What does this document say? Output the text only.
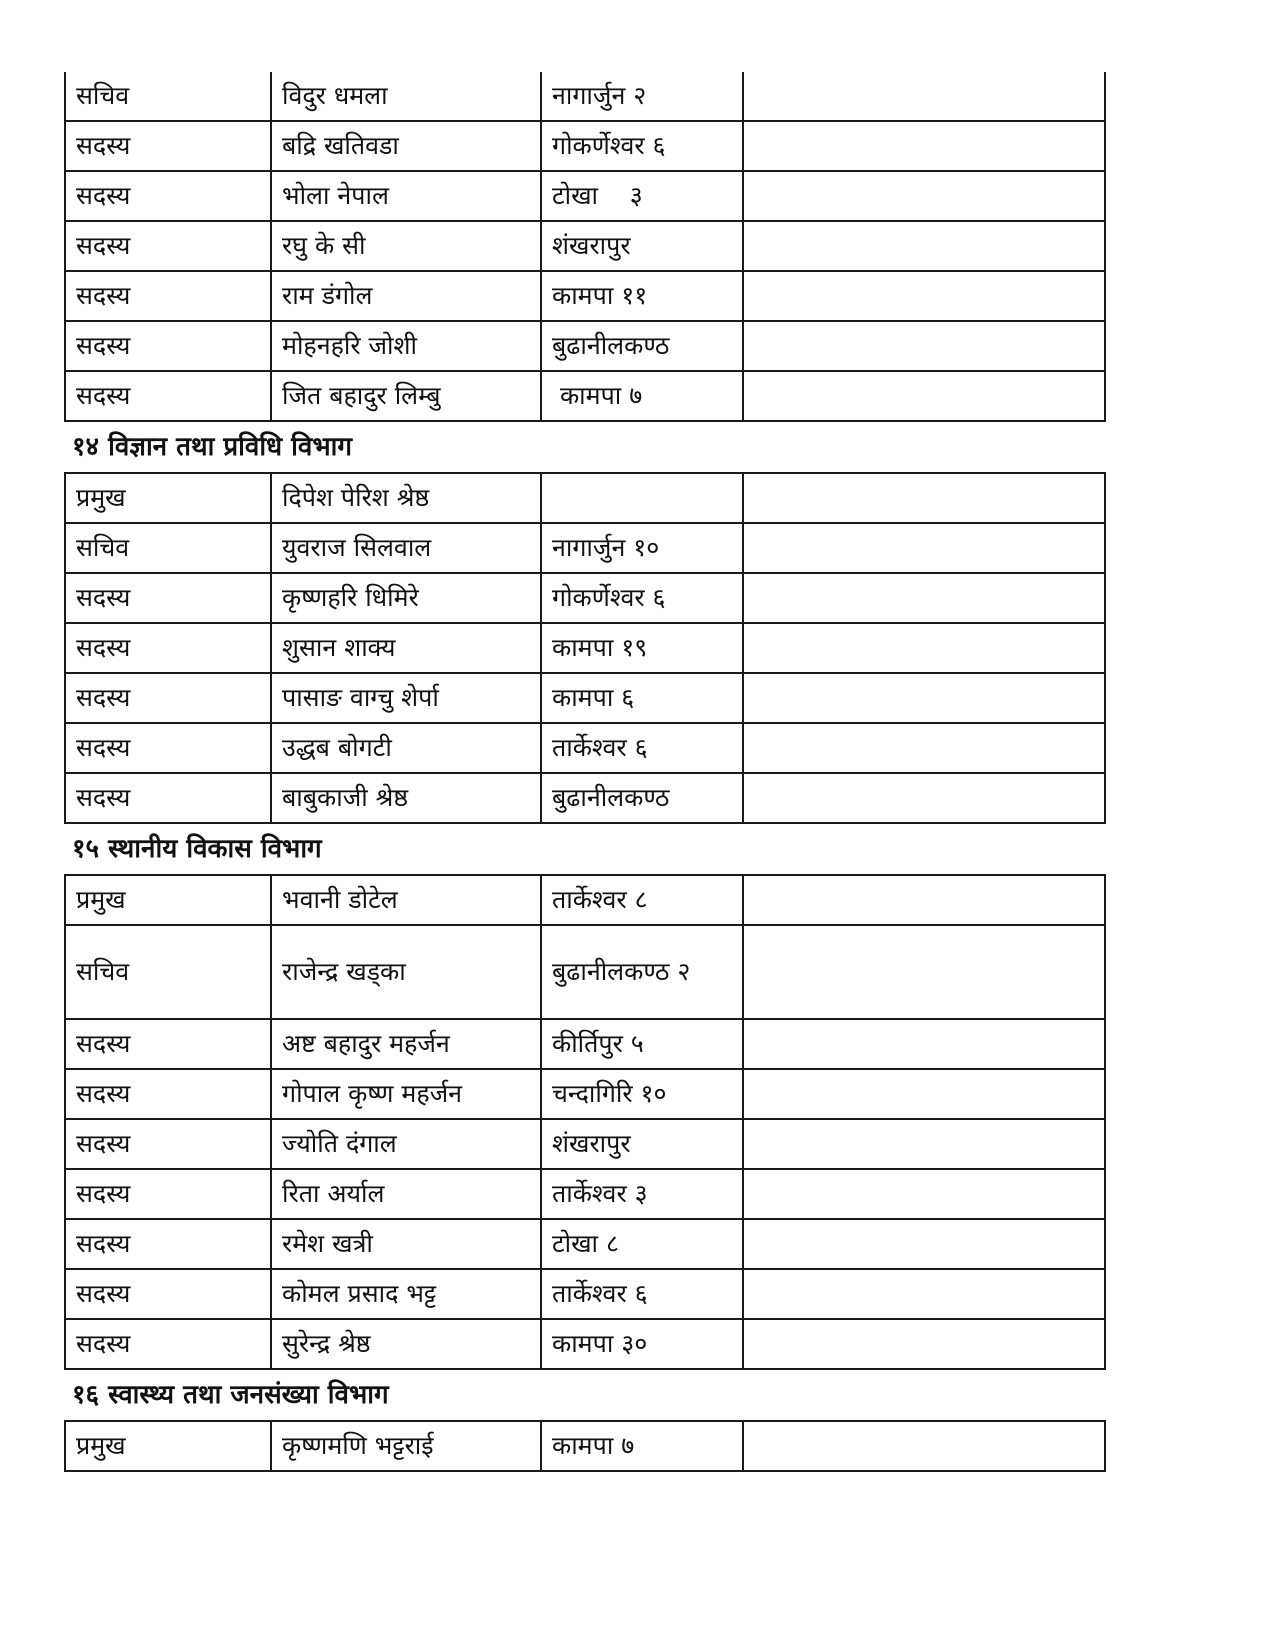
सचिव	विदुर धमला	नागार्जुन २	
सदस्य	बद्रि खतिवडा	गोकर्णेश्वर ६	
सदस्य	भोला नेपाल	टोखा    ३	
सदस्य	रघु के सी	शंखरापुर	
सदस्य	राम डंगोल	कामपा ११	
सदस्य	मोहनहरि जोशी	बुढानीलकण्ठ	
सदस्य	जित बहादुर लिम्बु	कामपा ७	
१४ विज्ञान तथा प्रविधि विभाग
प्रमुख	दिपेश पेरिश श्रेष्ठ		
सचिव	युवराज सिलवाल	नागार्जुन १०	
सदस्य	कृष्णहरि धिमिरे	गोकर्णेश्वर ६	
सदस्य	शुसान शाक्य	कामपा १९	
सदस्य	पासाङ वाग्चु शेर्पा	कामपा ६	
सदस्य	उद्धब बोगटी	तार्केश्वर ६	
सदस्य	बाबुकाजी श्रेष्ठ	बुढानीलकण्ठ	
१५ स्थानीय विकास विभाग
प्रमुख	भवानी डोटेल	तार्केश्वर ८	
सचिव	राजेन्द्र खड्का	बुढानीलकण्ठ २	
सदस्य	अष्ट बहादुर महर्जन	कीर्तिपुर ५	
सदस्य	गोपाल कृष्ण महर्जन	चन्दागिरि १०	
सदस्य	ज्योति दंगाल	शंखरापुर	
सदस्य	रिता अर्याल	तार्केश्वर ३	
सदस्य	रमेश खत्री	टोखा ८	
सदस्य	कोमल प्रसाद भट्ट	तार्केश्वर ६	
सदस्य	सुरेन्द्र श्रेष्ठ	कामपा ३०	
१६ स्वास्थ्य तथा जनसंख्या विभाग
प्रमुख	कृष्णमणि भट्टराई	कामपा ७	
